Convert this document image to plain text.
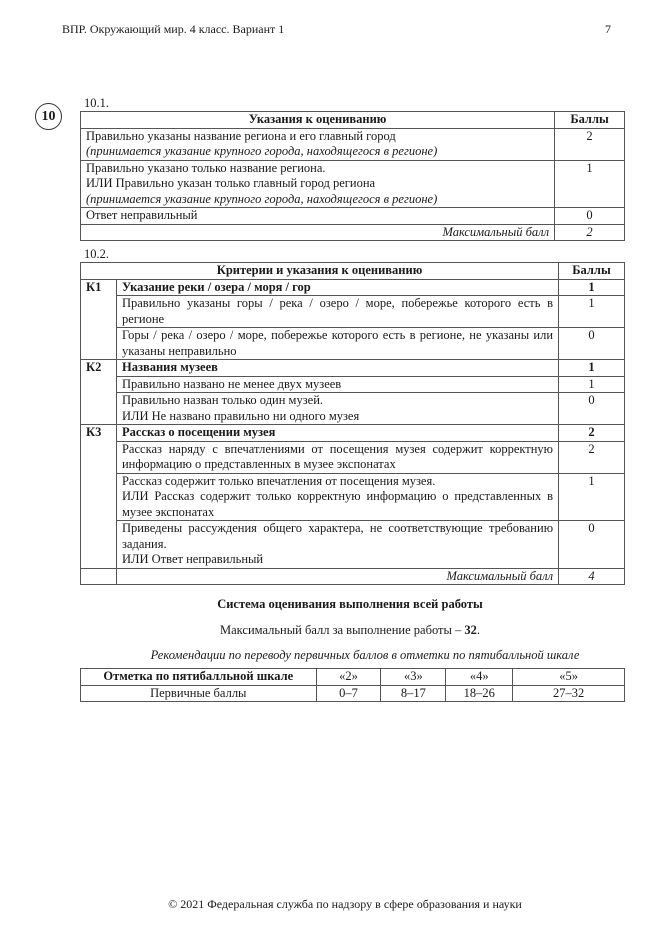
ВПР. Окружающий мир. 4 класс. Вариант 1	7
10
10.1.
Указания к оцениванию	Баллы

Правильно указаны название региона и его главный город
(принимается указание крупного города, находящегося в регионе)	2

Правильно указано только название региона.
ИЛИ Правильно указан только главный город региона
(принимается указание крупного города, находящегося в регионе)	1
Ответ неправильный	0
Максимальный балл	2
10.2.
Критерии и указания к оцениванию		Баллы
К1	Указание реки / озера / моря / гор	1
	Правильно указаны горы / река / озеро / море, побережье которого есть в регионе	1
	Горы / река / озеро / море, побережье которого есть в регионе, не указаны или указаны неправильно	0
К2	Названия музеев	1
	Правильно названо не менее двух музеев	1

	Правильно назван только один музей.
ИЛИ Не названо правильно ни одного музея	0
К3	Рассказ о посещении музея	2
	Рассказ наряду с впечатлениями от посещения музея содержит корректную информацию о представленных в музее экспонатах	2

	Рассказ содержит только впечатления от посещения музея.
ИЛИ Рассказ содержит только корректную информацию о представленных в музее экспонатах	1

	Приведены рассуждения общего характера, не соответствующие требованию задания.
ИЛИ Ответ неправильный	0
	Максимальный балл	4
Система оценивания выполнения всей работы
Максимальный балл за выполнение работы – 32.
Рекомендации по переводу первичных баллов в отметки по пятибалльной шкале
Отметка по пятибалльной шкале	«2»	«3»	«4»	«5»
Первичные баллы	0–7	8–17	18–26	27–32
© 2021 Федеральная служба по надзору в сфере образования и науки
